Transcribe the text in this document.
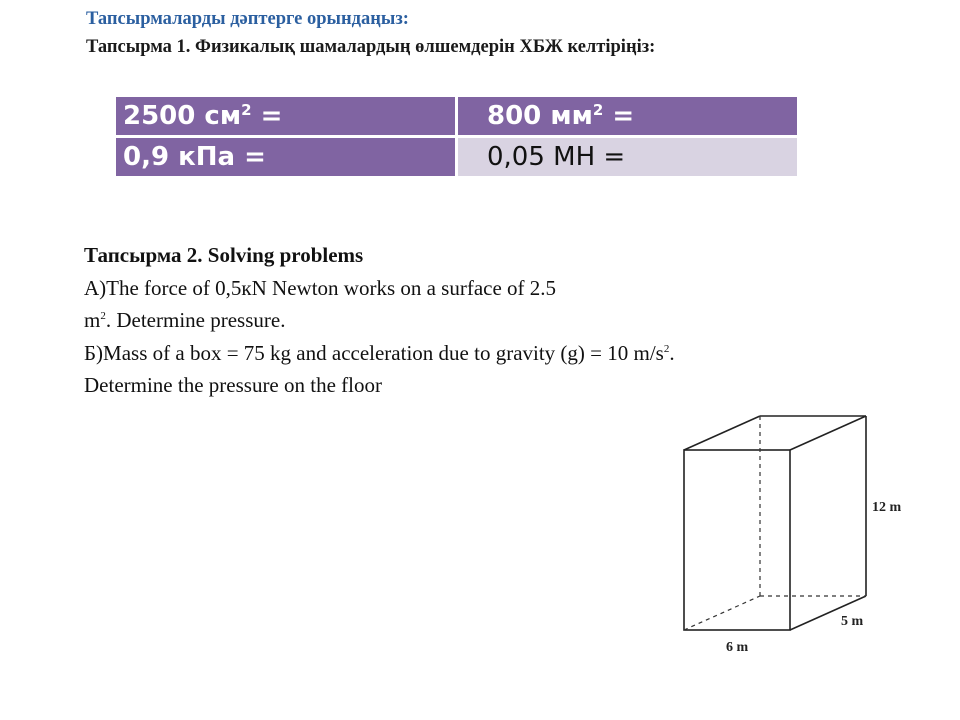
Тапсырмаларды дәптерге орындаңыз:
Тапсырма 1. Физикалық шамалардың өлшемдерін ХБЖ келтіріңіз:
2500 $см^2$ =	800 $мм^2$ =
0,9 кПа =	0,05 МН =
Тапсырма 2. Solving problems
A)The force of 0,5кN Newton works on a surface of 2.5
$m^2$. Determine pressure.
Б)Mass of a box = 75 kg and acceleration due to gravity (g) = 10 $m/s^2$.
Determine the pressure on the floor
12 m
5 m
6 m
